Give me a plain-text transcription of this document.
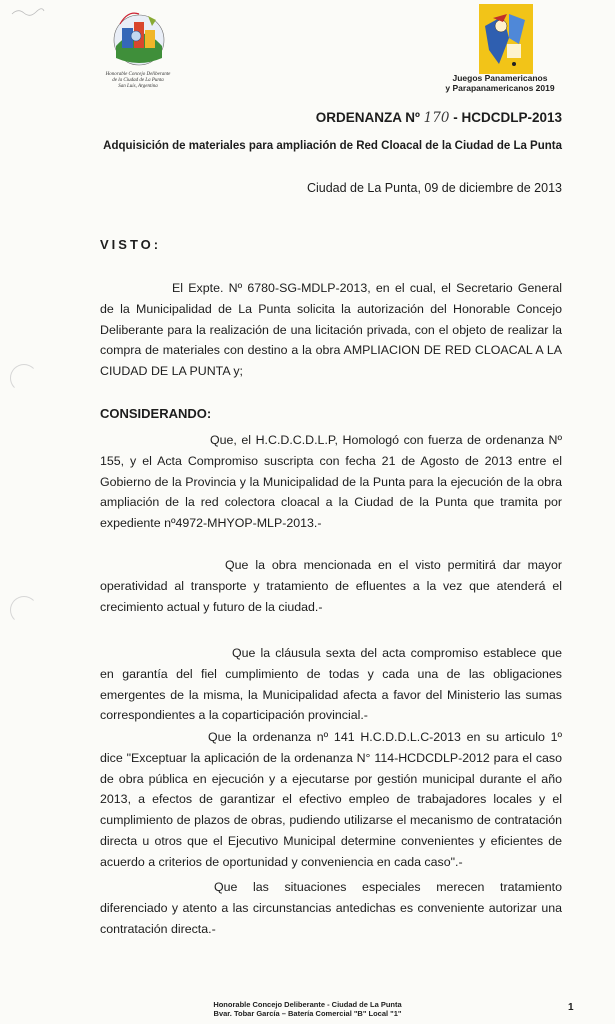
Honorable Concejo Deliberante
de la Ciudad de La Punta
San Luis, Argentina
Juegos Panamericanos
y Parapanamericanos 2019
ORDENANZA Nº 170 - HCDCDLP-2013
Adquisición de materiales para ampliación de Red Cloacal de la Ciudad de La Punta
Ciudad de La Punta, 09 de diciembre de 2013
VISTO:

El Expte. Nº 6780-SG-MDLP-2013, en el cual, el Secretario General de la Municipalidad de La Punta solicita la autorización del Honorable Concejo Deliberante para la realización de una licitación privada, con el objeto de realizar la compra de materiales con destino a la obra AMPLIACION DE RED CLOACAL A LA CIUDAD DE LA PUNTA y;

CONSIDERANDO:

Que, el H.C.D.C.D.L.P, Homologó con fuerza de ordenanza Nº 155, y el Acta Compromiso suscripta con fecha 21 de Agosto de 2013 entre el Gobierno de la Provincia y la Municipalidad de la Punta para la ejecución de la obra ampliación de la red colectora cloacal a la Ciudad de la Punta que tramita por expediente nº4972-MHYOP-MLP-2013.-

Que la obra mencionada en el visto permitirá dar mayor operatividad al transporte y tratamiento de efluentes a la vez que atenderá el crecimiento actual y futuro de la ciudad.-

Que la cláusula sexta del acta compromiso establece que en garantía del fiel cumplimiento de todas y cada una de las obligaciones emergentes de la misma, la Municipalidad afecta a favor del Ministerio las sumas correspondientes a la coparticipación provincial.-

Que la ordenanza nº 141 H.C.D.D.L.C-2013 en su articulo 1º dice "Exceptuar la aplicación de la ordenanza N° 114-HCDCDLP-2012 para el caso de obra pública en ejecución y a ejecutarse por gestión municipal durante el año 2013, a efectos de garantizar el efectivo empleo de trabajadores locales y el cumplimiento de plazos de obras, pudiendo utilizarse el mecanismo de contratación directa u otros que el Ejecutivo Municipal determine convenientes y eficientes de acuerdo a criterios de oportunidad y conveniencia en cada caso".-

Que las situaciones especiales merecen tratamiento diferenciado y atento a las circunstancias antedichas es conveniente autorizar una contratación directa.-

Honorable Concejo Deliberante - Ciudad de La Punta
Bvar. Tobar García – Batería Comercial "B" Local "1"
1
